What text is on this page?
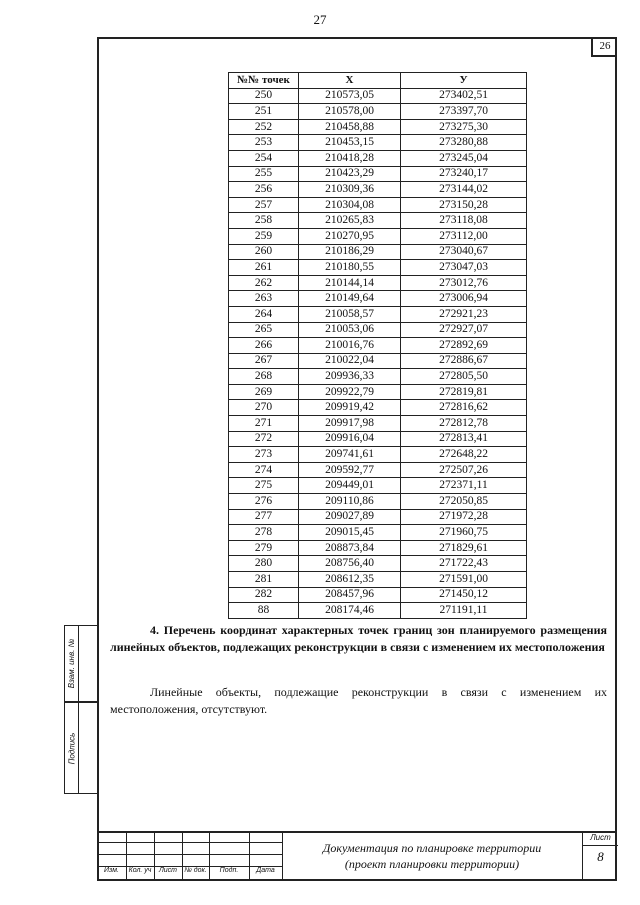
27
26
№№ точек	X	У
250	210573,05	273402,51
251	210578,00	273397,70
252	210458,88	273275,30
253	210453,15	273280,88
254	210418,28	273245,04
255	210423,29	273240,17
256	210309,36	273144,02
257	210304,08	273150,28
258	210265,83	273118,08
259	210270,95	273112,00
260	210186,29	273040,67
261	210180,55	273047,03
262	210144,14	273012,76
263	210149,64	273006,94
264	210058,57	272921,23
265	210053,06	272927,07
266	210016,76	272892,69
267	210022,04	272886,67
268	209936,33	272805,50
269	209922,79	272819,81
270	209919,42	272816,62
271	209917,98	272812,78
272	209916,04	272813,41
273	209741,61	272648,22
274	209592,77	272507,26
275	209449,01	272371,11
276	209110,86	272050,85
277	209027,89	271972,28
278	209015,45	271960,75
279	208873,84	271829,61
280	208756,40	271722,43
281	208612,35	271591,00
282	208457,96	271450,12
88	208174,46	271191,11
4. Перечень координат характерных точек границ зон планируемого размещения линейных объектов, подлежащих реконструкции в связи с изменением их местоположения
Линейные объекты, подлежащие реконструкции в связи с изменением их местоположения, отсутствуют.
Взам. инв. №
Подпись
Изм.	Кол. уч	Лист	№ док.	Подп.	Дата
Документация по планировке территории
(проект планировки территории)
Лист
8
